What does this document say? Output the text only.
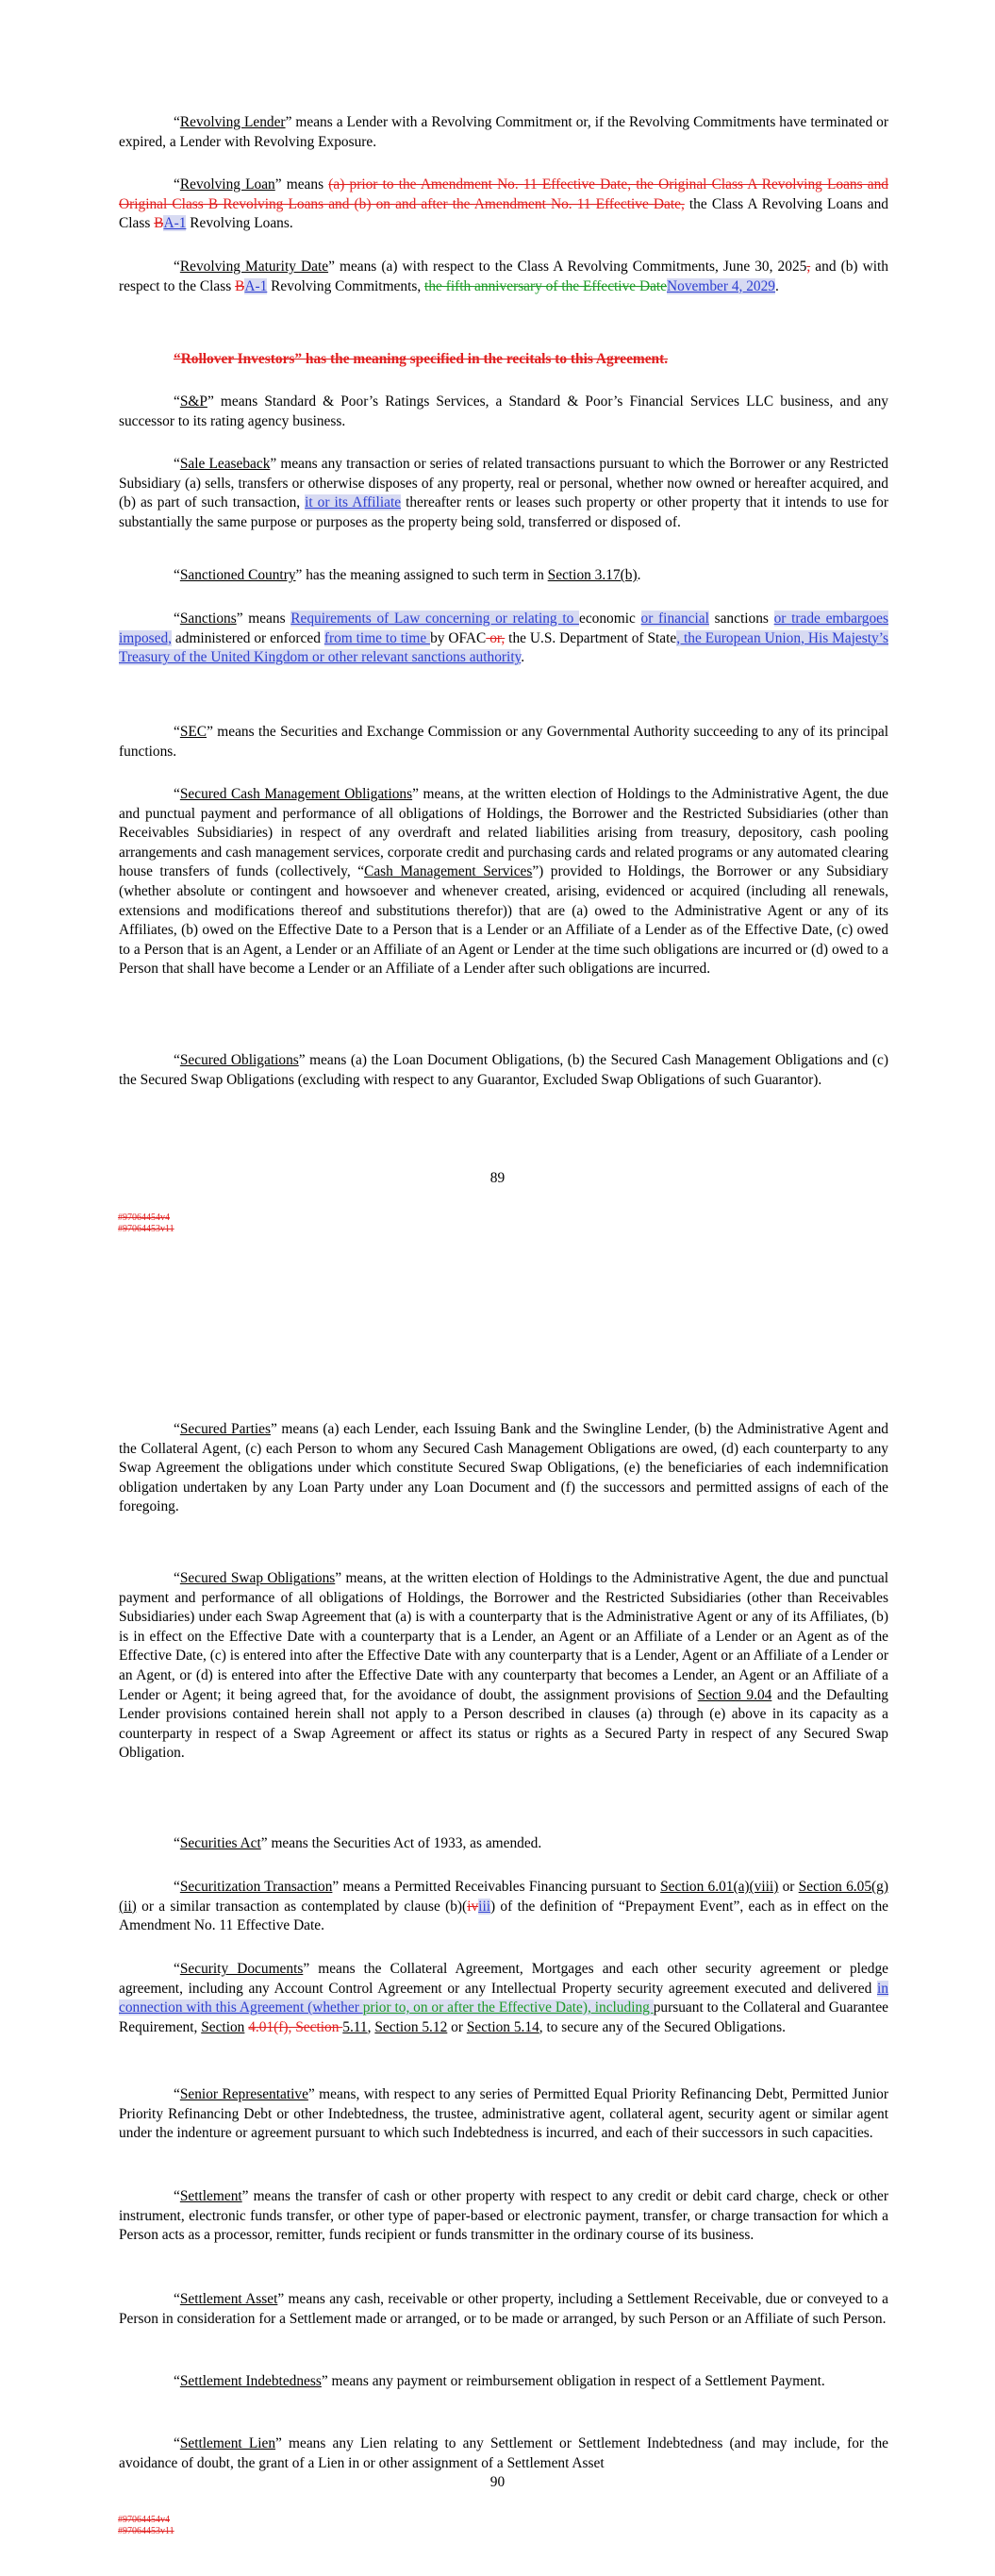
“Revolving Lender” means a Lender with a Revolving Commitment or, if the Revolving Commitments have terminated or expired, a Lender with Revolving Exposure.

“Revolving Loan” means (a) prior to the Amendment No. 11 Effective Date, the Original Class A Revolving Loans and Original Class B Revolving Loans and (b) on and after the Amendment No. 11 Effective Date, the Class A Revolving Loans and Class BA-1 Revolving Loans.

“Revolving Maturity Date” means (a) with respect to the Class A Revolving Commitments, June 30, 2025, and (b) with respect to the Class BA-1 Revolving Commitments, the fifth anniversary of the Effective DateNovember 4, 2029.

“Rollover Investors” has the meaning specified in the recitals to this Agreement.

“S&P” means Standard & Poor’s Ratings Services, a Standard & Poor’s Financial Services LLC business, and any successor to its rating agency business.

“Sale Leaseback” means any transaction or series of related transactions pursuant to which the Borrower or any Restricted Subsidiary (a) sells, transfers or otherwise disposes of any property, real or personal, whether now owned or hereafter acquired, and (b) as part of such transaction, it or its Affiliate thereafter rents or leases such property or other property that it intends to use for substantially the same purpose or purposes as the property being sold, transferred or disposed of.

“Sanctioned Country” has the meaning assigned to such term in Section 3.17(b).

“Sanctions” means Requirements of Law concerning or relating to economic or financial sanctions or trade embargoes imposed, administered or enforced from time to time by OFAC or, the U.S. Department of State, the European Union, His Majesty’s Treasury of the United Kingdom or other relevant sanctions authority.

“SEC” means the Securities and Exchange Commission or any Governmental Authority succeeding to any of its principal functions.

“Secured Cash Management Obligations” means, at the written election of Holdings to the Administrative Agent, the due and punctual payment and performance of all obligations of Holdings, the Borrower and the Restricted Subsidiaries (other than Receivables Subsidiaries) in respect of any overdraft and related liabilities arising from treasury, depository, cash pooling arrangements and cash management services, corporate credit and purchasing cards and related programs or any automated clearing house transfers of funds (collectively, “Cash Management Services”) provided to Holdings, the Borrower or any Subsidiary (whether absolute or contingent and howsoever and whenever created, arising, evidenced or acquired (including all renewals, extensions and modifications thereof and substitutions therefor)) that are (a) owed to the Administrative Agent or any of its Affiliates, (b) owed on the Effective Date to a Person that is a Lender or an Affiliate of a Lender as of the Effective Date, (c) owed to a Person that is an Agent, a Lender or an Affiliate of an Agent or Lender at the time such obligations are incurred or (d) owed to a Person that shall have become a Lender or an Affiliate of a Lender after such obligations are incurred.

“Secured Obligations” means (a) the Loan Document Obligations, (b) the Secured Cash Management Obligations and (c) the Secured Swap Obligations (excluding with respect to any Guarantor, Excluded Swap Obligations of such Guarantor).

89
#97064454v4
#97064453v11

“Secured Parties” means (a) each Lender, each Issuing Bank and the Swingline Lender, (b) the Administrative Agent and the Collateral Agent, (c) each Person to whom any Secured Cash Management Obligations are owed, (d) each counterparty to any Swap Agreement the obligations under which constitute Secured Swap Obligations, (e) the beneficiaries of each indemnification obligation undertaken by any Loan Party under any Loan Document and (f) the successors and permitted assigns of each of the foregoing.

“Secured Swap Obligations” means, at the written election of Holdings to the Administrative Agent, the due and punctual payment and performance of all obligations of Holdings, the Borrower and the Restricted Subsidiaries (other than Receivables Subsidiaries) under each Swap Agreement that (a) is with a counterparty that is the Administrative Agent or any of its Affiliates, (b) is in effect on the Effective Date with a counterparty that is a Lender, an Agent or an Affiliate of a Lender or an Agent as of the Effective Date, (c) is entered into after the Effective Date with any counterparty that is a Lender, Agent or an Affiliate of a Lender or an Agent, or (d) is entered into after the Effective Date with any counterparty that becomes a Lender, an Agent or an Affiliate of a Lender or Agent; it being agreed that, for the avoidance of doubt, the assignment provisions of Section 9.04 and the Defaulting Lender provisions contained herein shall not apply to a Person described in clauses (a) through (e) above in its capacity as a counterparty in respect of a Swap Agreement or affect its status or rights as a Secured Party in respect of any Secured Swap Obligation.

“Securities Act” means the Securities Act of 1933, as amended.

“Securitization Transaction” means a Permitted Receivables Financing pursuant to Section 6.01(a)(viii) or Section 6.05(g)(ii) or a similar transaction as contemplated by clause (b)(iviii) of the definition of “Prepayment Event”, each as in effect on the Amendment No. 11 Effective Date.

“Security Documents” means the Collateral Agreement, Mortgages and each other security agreement or pledge agreement, including any Account Control Agreement or any Intellectual Property security agreement executed and delivered in connection with this Agreement (whether prior to, on or after the Effective Date), including pursuant to the Collateral and Guarantee Requirement, Section 4.01(f), Section 5.11, Section 5.12 or Section 5.14, to secure any of the Secured Obligations.

“Senior Representative” means, with respect to any series of Permitted Equal Priority Refinancing Debt, Permitted Junior Priority Refinancing Debt or other Indebtedness, the trustee, administrative agent, collateral agent, security agent or similar agent under the indenture or agreement pursuant to which such Indebtedness is incurred, and each of their successors in such capacities.

“Settlement” means the transfer of cash or other property with respect to any credit or debit card charge, check or other instrument, electronic funds transfer, or other type of paper-based or electronic payment, transfer, or charge transaction for which a Person acts as a processor, remitter, funds recipient or funds transmitter in the ordinary course of its business.

“Settlement Asset” means any cash, receivable or other property, including a Settlement Receivable, due or conveyed to a Person in consideration for a Settlement made or arranged, or to be made or arranged, by such Person or an Affiliate of such Person.

“Settlement Indebtedness” means any payment or reimbursement obligation in respect of a Settlement Payment.

“Settlement Lien” means any Lien relating to any Settlement or Settlement Indebtedness (and may include, for the avoidance of doubt, the grant of a Lien in or other assignment of a Settlement Asset

90
#97064454v4
#97064453v11
